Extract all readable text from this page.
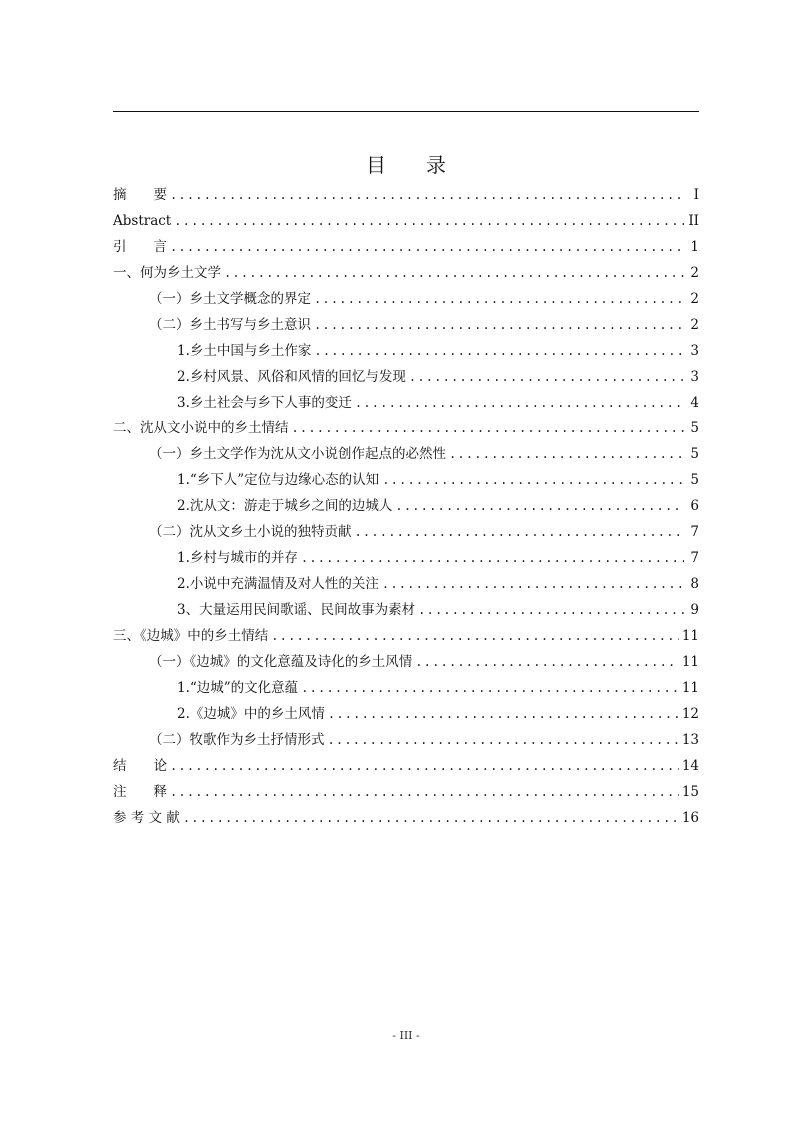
目 录
摘　　要 .....	I
Abstract .....	II
引　　言 .....	1
一、何为乡土文学 .....	2
（一）乡土文学概念的界定 .....	2
（二）乡土书写与乡土意识 .....	2
1.乡土中国与乡土作家 .....	3
2.乡村风景、风俗和风情的回忆与发现 .....	3
3.乡土社会与乡下人事的变迁 .....	4
二、沈从文小说中的乡土情结 .....	5
（一）乡土文学作为沈从文小说创作起点的必然性 .....	5
1.“乡下人”定位与边缘心态的认知 .....	5
2.沈从文：游走于城乡之间的边城人 .....	6
（二）沈从文乡土小说的独特贡献 .....	7
1.乡村与城市的并存 .....	7
2.小说中充满温情及对人性的关注 .....	8
3、大量运用民间歌谣、民间故事为素材 .....	9
三、《边城》中的乡土情结 .....	11
（一）《边城》的文化意蕴及诗化的乡土风情 .....	11
1.“边城”的文化意蕴 .....	11
2.《边城》中的乡土风情 .....	12
（二）牧歌作为乡土抒情形式 .....	13
结　　论 .....	14
注　　释 .....	15
参 考 文 献 .....	16
- III -
